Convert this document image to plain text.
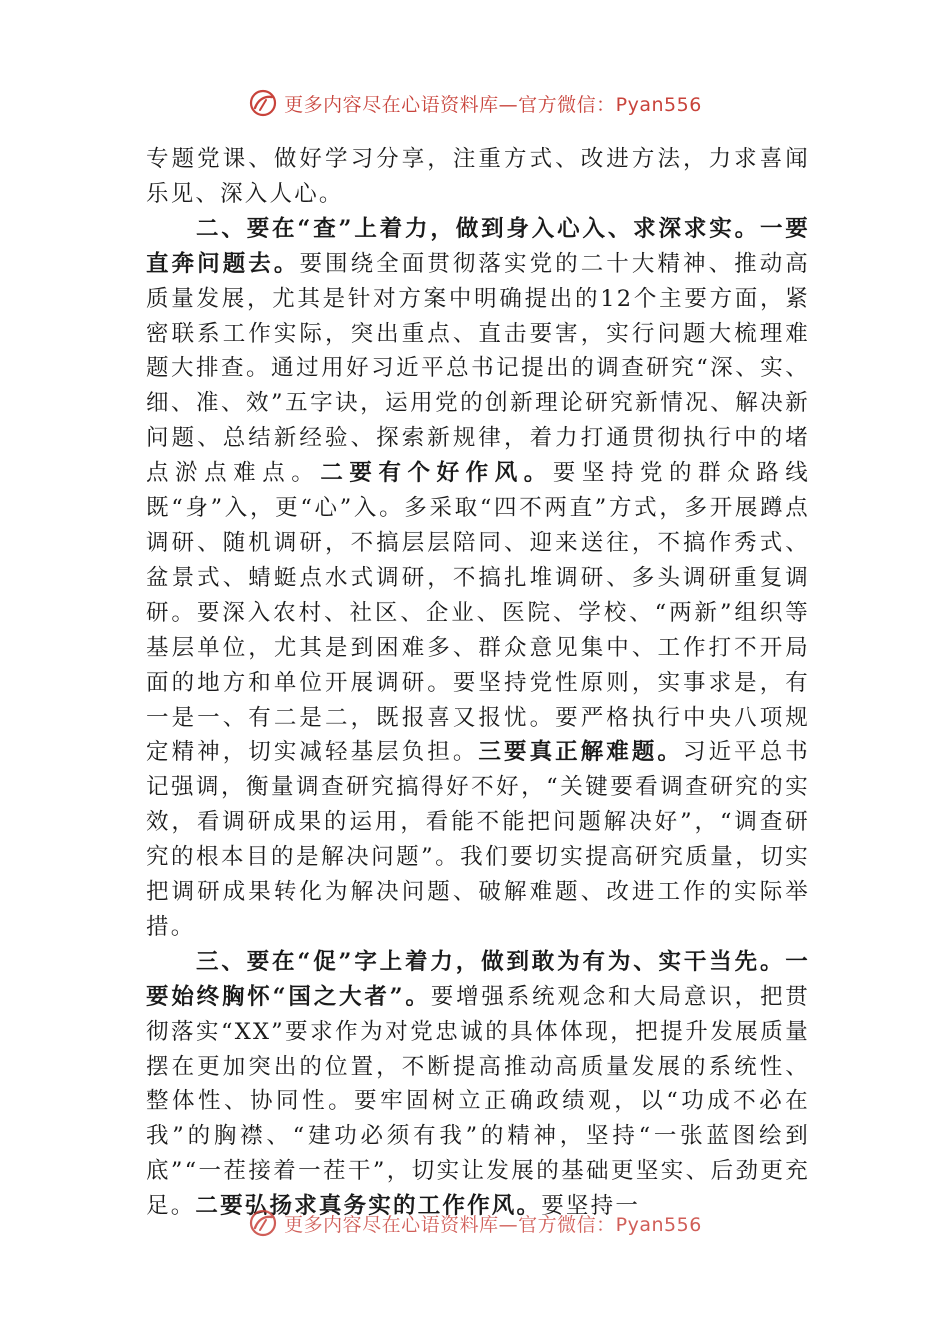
更多内容尽在心语资料库—官方微信：Pyan556

专题党课、做好学习分享，注重方式、改进方法，力求喜闻乐见、深入人心。

二、要在“查”上着力，做到身入心入、求深求实。一要直奔问题去。要围绕全面贯彻落实党的二十大精神、推动高质量发展，尤其是针对方案中明确提出的12个主要方面，紧密联系工作实际，突出重点、直击要害，实行问题大梳理难题大排查。通过用好习近平总书记提出的调查研究“深、实、细、准、效”五字诀，运用党的创新理论研究新情况、解决新问题、总结新经验、探索新规律，着力打通贯彻执行中的堵点淤点难点。二要有个好作风。要坚持党的群众路线既“身”入，更“心”入。多采取“四不两直”方式，多开展蹲点调研、随机调研，不搞层层陪同、迎来送往，不搞作秀式、盆景式、蜻蜓点水式调研，不搞扎堆调研、多头调研重复调研。要深入农村、社区、企业、医院、学校、“两新”组织等基层单位，尤其是到困难多、群众意见集中、工作打不开局面的地方和单位开展调研。要坚持党性原则，实事求是，有一是一、有二是二，既报喜又报忧。要严格执行中央八项规定精神，切实减轻基层负担。三要真正解难题。习近平总书记强调，衡量调查研究搞得好不好，“关键要看调查研究的实效，看调研成果的运用，看能不能把问题解决好”，“调查研究的根本目的是解决问题”。我们要切实提高研究质量，切实把调研成果转化为解决问题、破解难题、改进工作的实际举措。

三、要在“促”字上着力，做到敢为有为、实干当先。一要始终胸怀“国之大者”。要增强系统观念和大局意识，把贯彻落实“XX”要求作为对党忠诚的具体体现，把提升发展质量摆在更加突出的位置，不断提高推动高质量发展的系统性、整体性、协同性。要牢固树立正确政绩观，以“功成不必在我”的胸襟、“建功必须有我”的精神，坚持“一张蓝图绘到底”“一茬接着一茬干”，切实让发展的基础更坚实、后劲更充足。二要弘扬求真务实的工作作风。要坚持一

更多内容尽在心语资料库—官方微信：Pyan556
